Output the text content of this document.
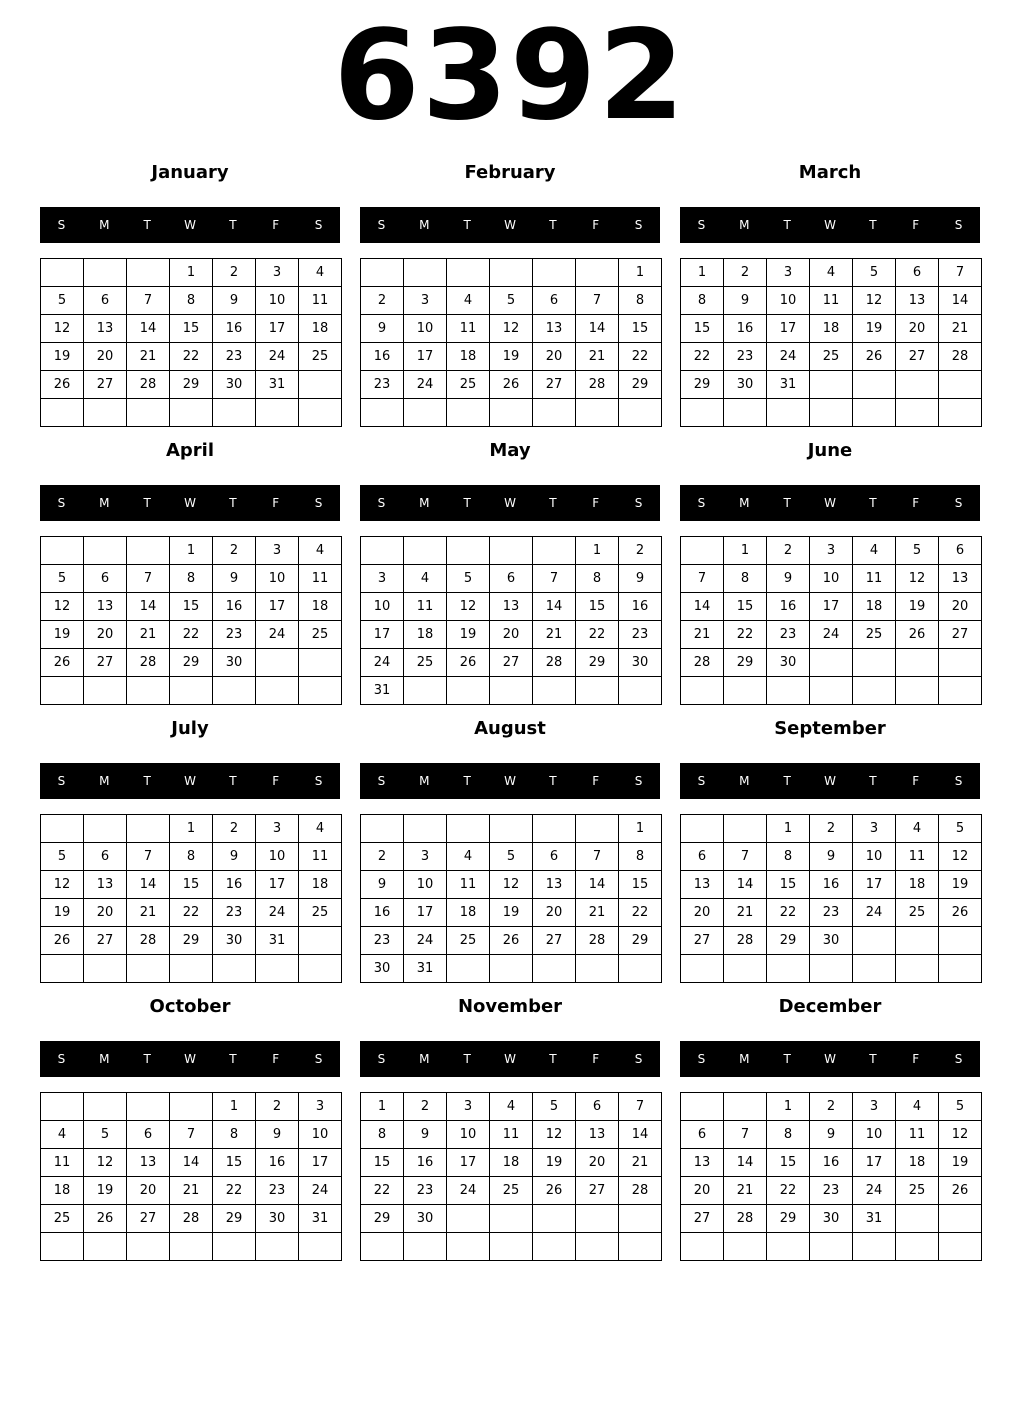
6392
January
S	M	T	W	T	F	S
			1	2	3	4
5	6	7	8	9	10	11
12	13	14	15	16	17	18
19	20	21	22	23	24	25
26	27	28	29	30	31	

February
S	M	T	W	T	F	S
						1
2	3	4	5	6	7	8
9	10	11	12	13	14	15
16	17	18	19	20	21	22
23	24	25	26	27	28	29

March
S	M	T	W	T	F	S
1	2	3	4	5	6	7
8	9	10	11	12	13	14
15	16	17	18	19	20	21
22	23	24	25	26	27	28
29	30	31				

April
S	M	T	W	T	F	S
			1	2	3	4
5	6	7	8	9	10	11
12	13	14	15	16	17	18
19	20	21	22	23	24	25
26	27	28	29	30		

May
S	M	T	W	T	F	S
					1	2
3	4	5	6	7	8	9
10	11	12	13	14	15	16
17	18	19	20	21	22	23
24	25	26	27	28	29	30
31						
June
S	M	T	W	T	F	S
	1	2	3	4	5	6
7	8	9	10	11	12	13
14	15	16	17	18	19	20
21	22	23	24	25	26	27
28	29	30				

July
S	M	T	W	T	F	S
			1	2	3	4
5	6	7	8	9	10	11
12	13	14	15	16	17	18
19	20	21	22	23	24	25
26	27	28	29	30	31	

August
S	M	T	W	T	F	S
						1
2	3	4	5	6	7	8
9	10	11	12	13	14	15
16	17	18	19	20	21	22
23	24	25	26	27	28	29
30	31					
September
S	M	T	W	T	F	S
		1	2	3	4	5
6	7	8	9	10	11	12
13	14	15	16	17	18	19
20	21	22	23	24	25	26
27	28	29	30			

October
S	M	T	W	T	F	S
				1	2	3
4	5	6	7	8	9	10
11	12	13	14	15	16	17
18	19	20	21	22	23	24
25	26	27	28	29	30	31

November
S	M	T	W	T	F	S
1	2	3	4	5	6	7
8	9	10	11	12	13	14
15	16	17	18	19	20	21
22	23	24	25	26	27	28
29	30					

December
S	M	T	W	T	F	S
		1	2	3	4	5
6	7	8	9	10	11	12
13	14	15	16	17	18	19
20	21	22	23	24	25	26
27	28	29	30	31		
